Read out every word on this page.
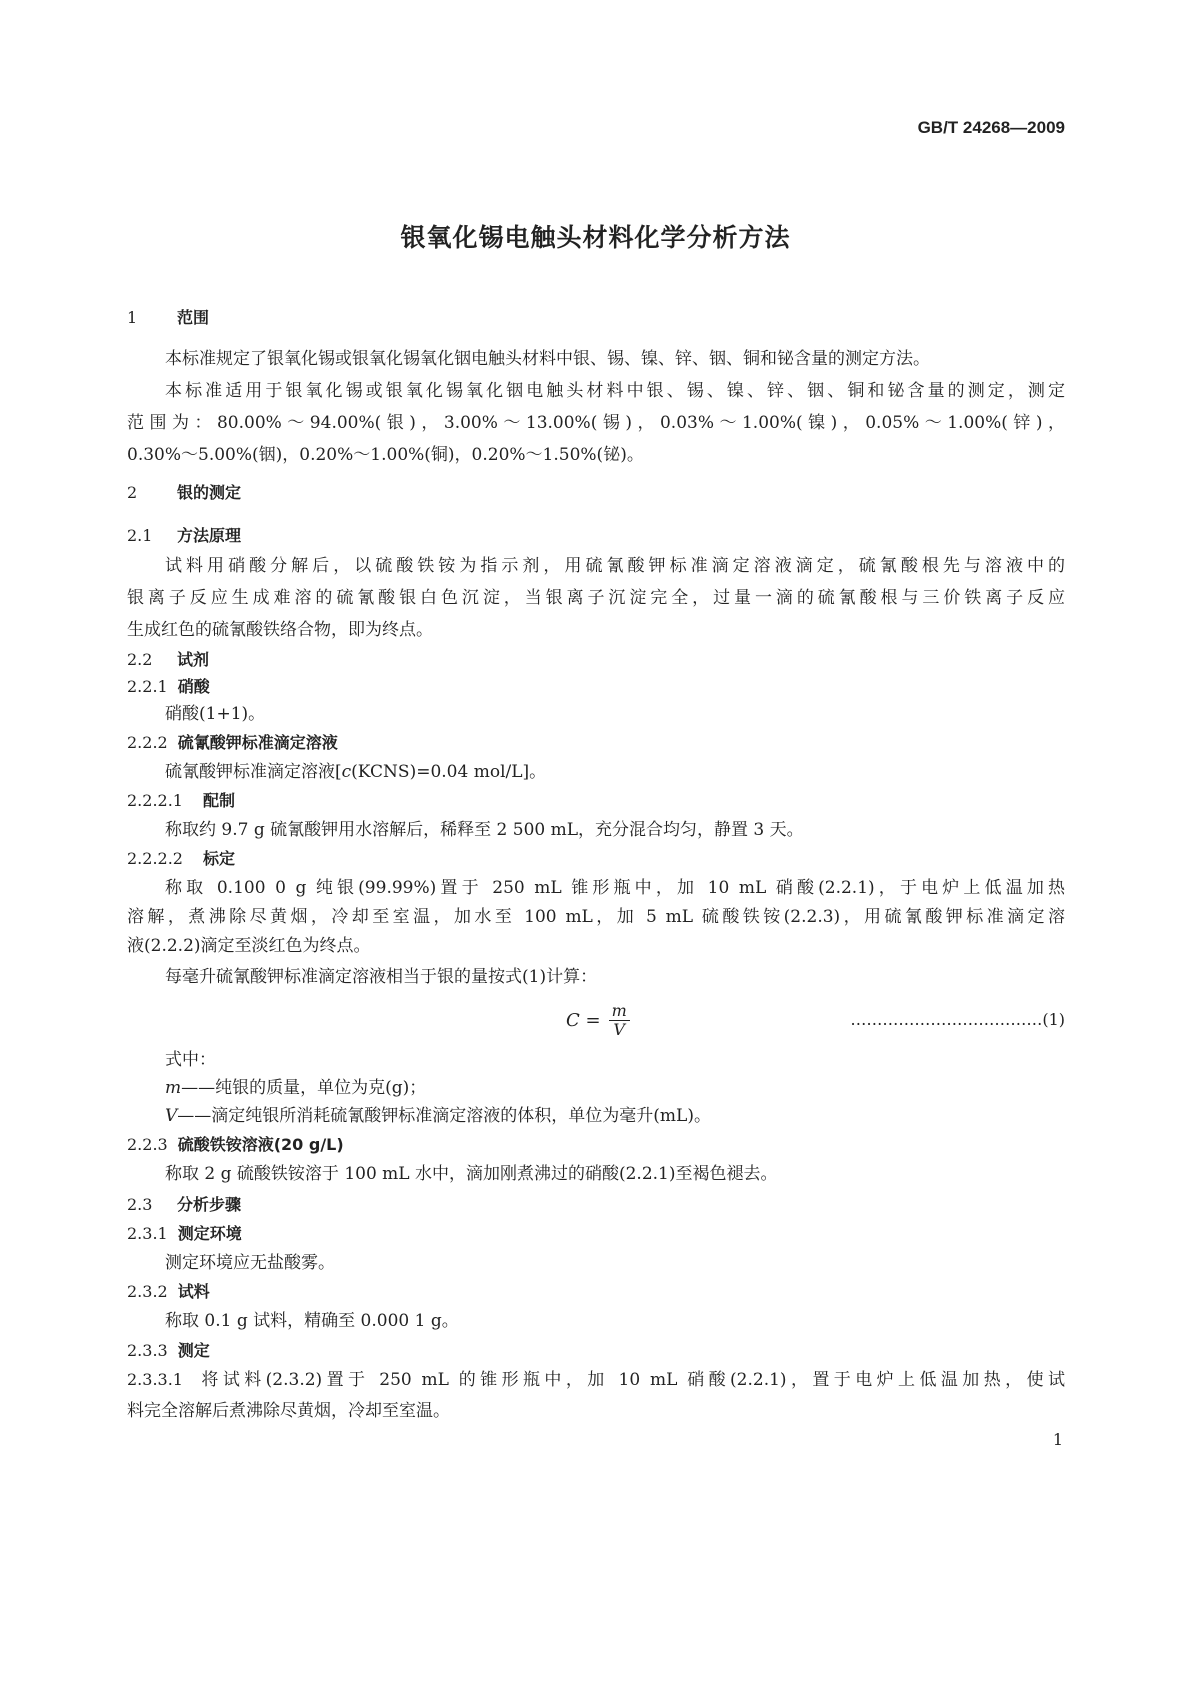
GB/T 24268—2009
银氧化锡电触头材料化学分析方法
1 范围
本标准规定了银氧化锡或银氧化锡氧化铟电触头材料中银、锡、镍、锌、铟、铜和铋含量的测定方法。
本标准适用于银氧化锡或银氧化锡氧化铟电触头材料中银、锡、镍、锌、铟、铜和铋含量的测定，测定
范围为：80.00%～94.00%(银)，3.00%～13.00%(锡)，0.03%～1.00%(镍)，0.05%～1.00%(锌)，
0.30%～5.00%(铟)，0.20%～1.00%(铜)，0.20%～1.50%(铋)。
2 银的测定
2.1 方法原理
试料用硝酸分解后，以硫酸铁铵为指示剂，用硫氰酸钾标准滴定溶液滴定，硫氰酸根先与溶液中的
银离子反应生成难溶的硫氰酸银白色沉淀，当银离子沉淀完全，过量一滴的硫氰酸根与三价铁离子反应
生成红色的硫氰酸铁络合物，即为终点。
2.2 试剂
2.2.1 硝酸
硝酸(1+1)。
2.2.2 硫氰酸钾标准滴定溶液
硫氰酸钾标准滴定溶液[c(KCNS)=0.04 mol/L]。
2.2.2.1 配制
称取约 9.7 g 硫氰酸钾用水溶解后，稀释至 2 500 mL，充分混合均匀，静置 3 天。
2.2.2.2 标定
称取 0.100 0 g 纯银(99.99%)置于 250 mL 锥形瓶中，加 10 mL 硝酸(2.2.1)，于电炉上低温加热
溶解，煮沸除尽黄烟，冷却至室温，加水至 100 mL，加 5 mL 硫酸铁铵(2.2.3)，用硫氰酸钾标准滴定溶
液(2.2.2)滴定至淡红色为终点。
每毫升硫氰酸钾标准滴定溶液相当于银的量按式(1)计算：
$C = \frac{m}{V}$	………………………………(1)
式中：
m——纯银的质量，单位为克(g)；
V——滴定纯银所消耗硫氰酸钾标准滴定溶液的体积，单位为毫升(mL)。
2.2.3 硫酸铁铵溶液(20 g/L)
称取 2 g 硫酸铁铵溶于 100 mL 水中，滴加刚煮沸过的硝酸(2.2.1)至褐色褪去。
2.3 分析步骤
2.3.1 测定环境
测定环境应无盐酸雾。
2.3.2 试料
称取 0.1 g 试料，精确至 0.000 1 g。
2.3.3 测定
2.3.3.1 将试料(2.3.2)置于 250 mL 的锥形瓶中，加 10 mL 硝酸(2.2.1)，置于电炉上低温加热，使试
料完全溶解后煮沸除尽黄烟，冷却至室温。
1
